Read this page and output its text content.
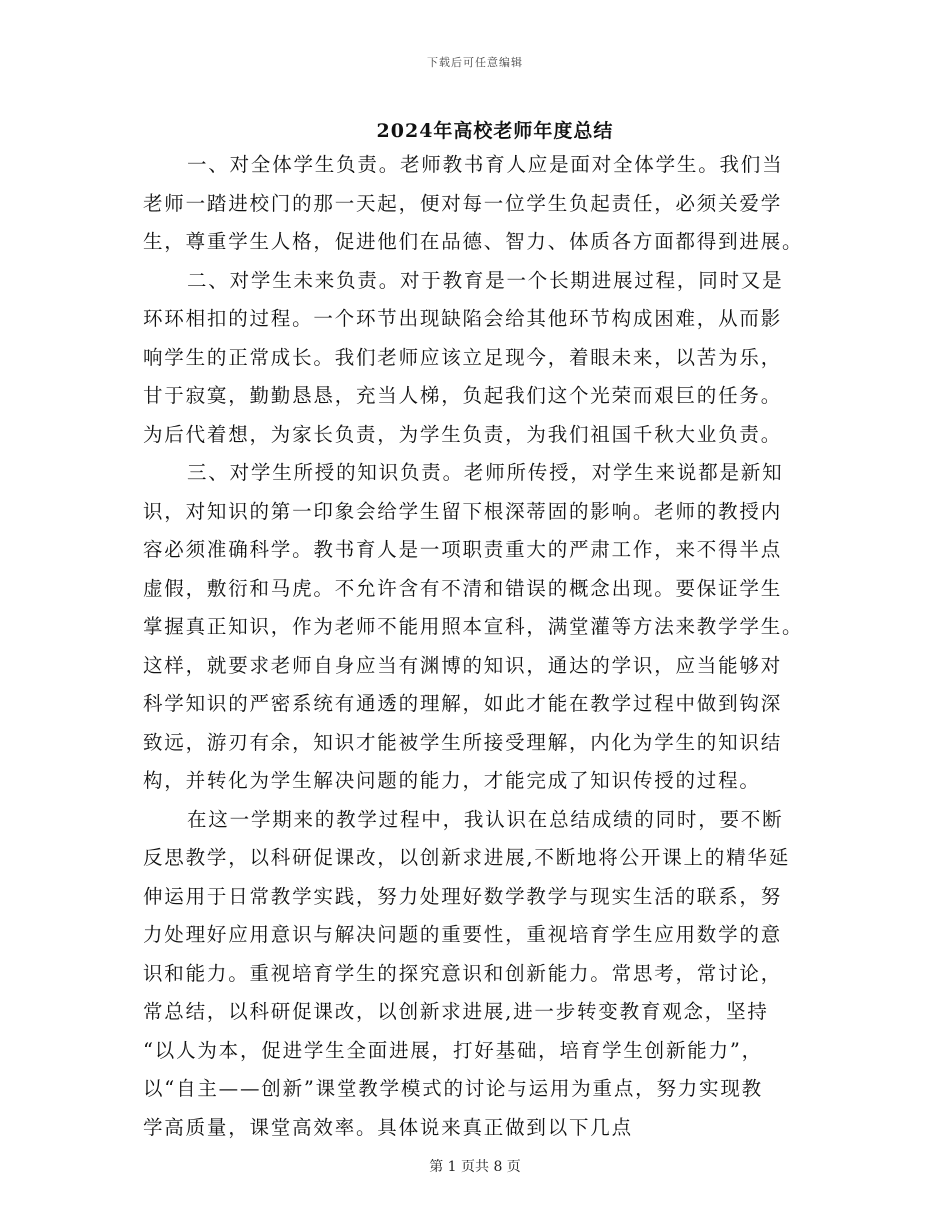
下载后可任意编辑
2024年高校老师年度总结
一、对全体学生负责。老师教书育人应是面对全体学生。我们当
老师一踏进校门的那一天起，便对每一位学生负起责任，必须关爱学
生，尊重学生人格，促进他们在品德、智力、体质各方面都得到进展。
二、对学生未来负责。对于教育是一个长期进展过程，同时又是
环环相扣的过程。一个环节出现缺陷会给其他环节构成困难，从而影
响学生的正常成长。我们老师应该立足现今，着眼未来，以苦为乐，
甘于寂寞，勤勤恳恳，充当人梯，负起我们这个光荣而艰巨的任务。
为后代着想，为家长负责，为学生负责，为我们祖国千秋大业负责。
三、对学生所授的知识负责。老师所传授，对学生来说都是新知
识，对知识的第一印象会给学生留下根深蒂固的影响。老师的教授内
容必须准确科学。教书育人是一项职责重大的严肃工作，来不得半点
虚假，敷衍和马虎。不允许含有不清和错误的概念出现。要保证学生
掌握真正知识，作为老师不能用照本宣科，满堂灌等方法来教学学生。
这样，就要求老师自身应当有渊博的知识，通达的学识，应当能够对
科学知识的严密系统有通透的理解，如此才能在教学过程中做到钩深
致远，游刃有余，知识才能被学生所接受理解，内化为学生的知识结
构，并转化为学生解决问题的能力，才能完成了知识传授的过程。
在这一学期来的教学过程中，我认识在总结成绩的同时，要不断
反思教学，以科研促课改，以创新求进展,不断地将公开课上的精华延
伸运用于日常教学实践，努力处理好数学教学与现实生活的联系，努
力处理好应用意识与解决问题的重要性，重视培育学生应用数学的意
识和能力。重视培育学生的探究意识和创新能力。常思考，常讨论，
常总结，以科研促课改，以创新求进展,进一步转变教育观念，坚持
“以人为本，促进学生全面进展，打好基础，培育学生创新能力”，
以“自主——创新”课堂教学模式的讨论与运用为重点，努力实现教
学高质量，课堂高效率。具体说来真正做到以下几点
第 1 页共 8 页
